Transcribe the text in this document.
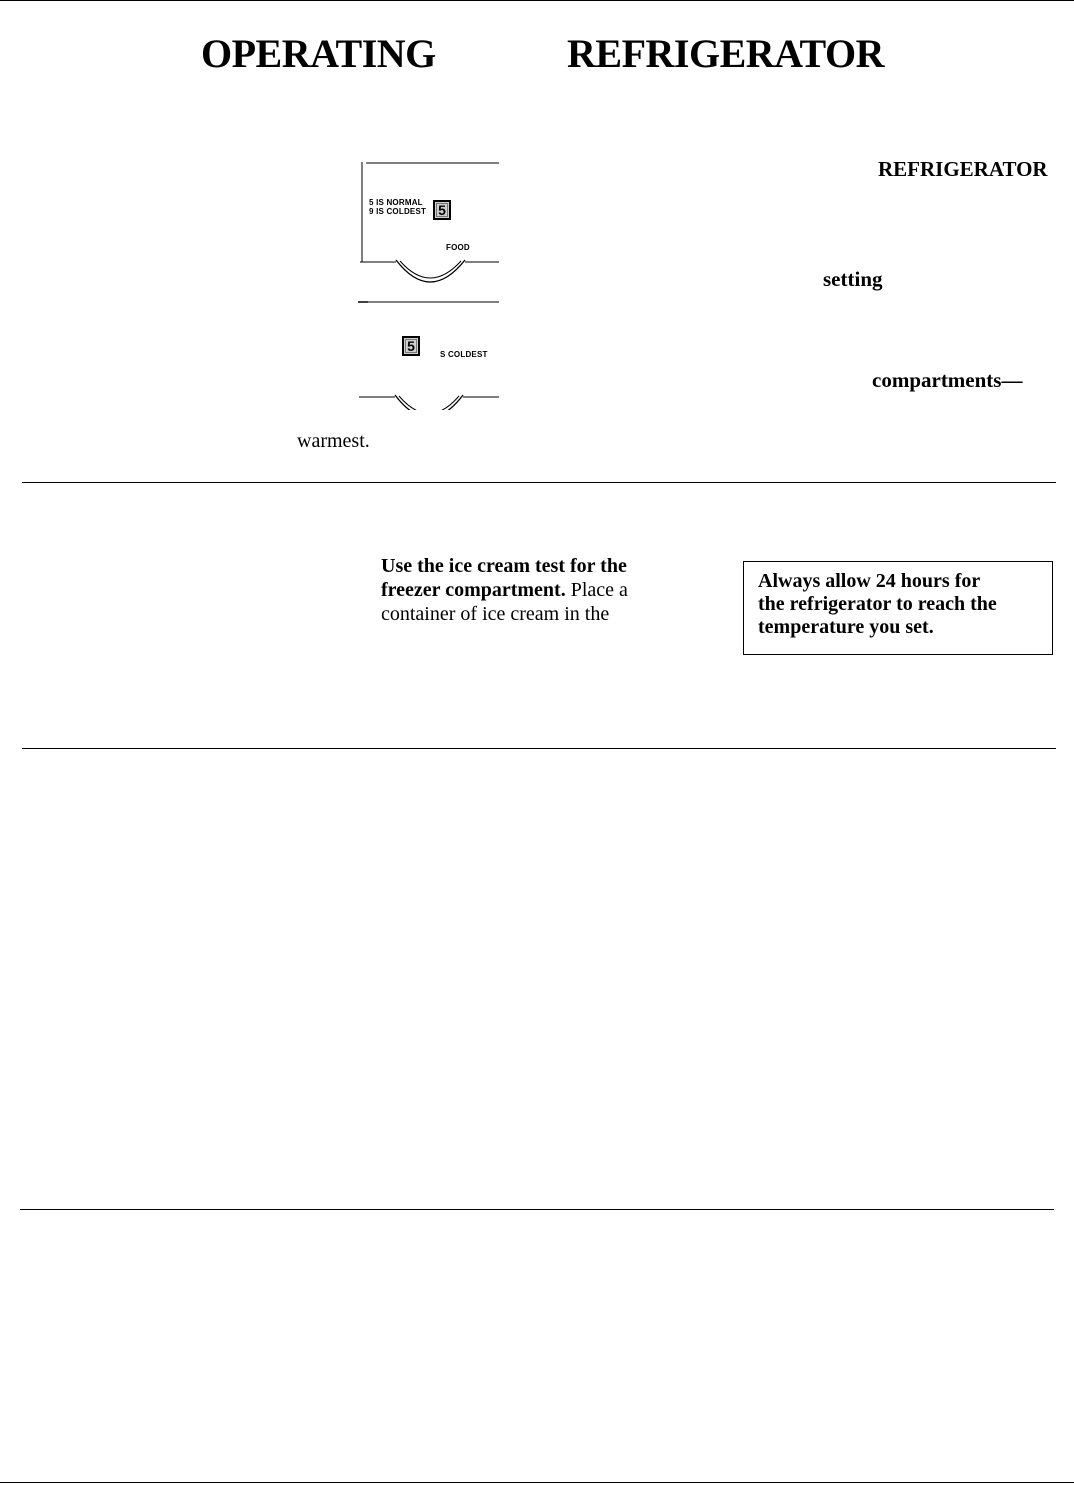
OPERATING	REFRIGERATOR
REFRIGERATOR
setting
compartments—
5 IS NORMAL
9 IS COLDEST 5
FOOD
5
S COLDEST
warmest.
Use the ice cream test for the
freezer compartment. Place a
container of ice cream in the
Always allow 24 hours for
the refrigerator to reach the
temperature you set.
